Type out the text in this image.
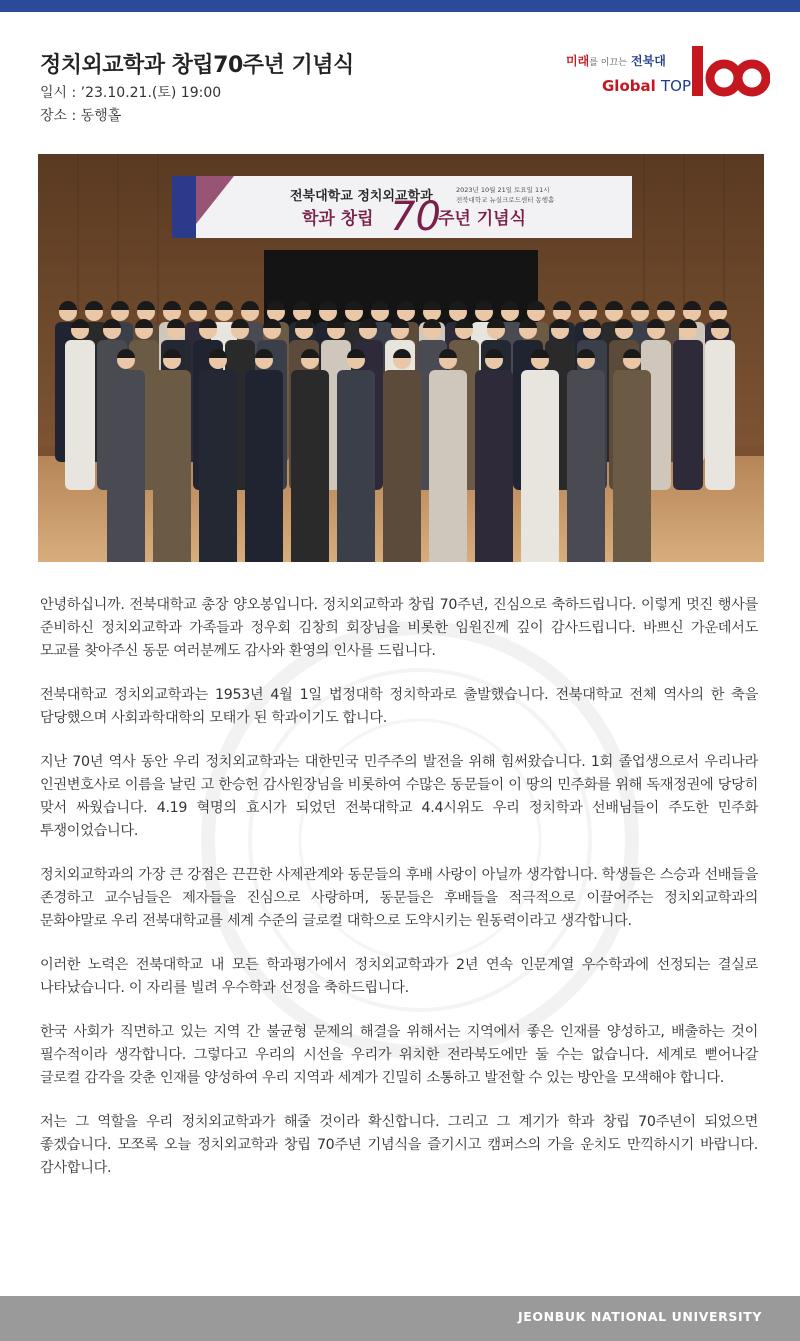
정치외교학과 창립70주년 기념식
일시 : ’23.10.21.(토) 19:00
장소 : 동행홀
미래를 이끄는 전북대
Global TOP
전북대학교 정치외교학과
학과 창립 70
주년 기념식
2023년 10월 21일 토요일 11시
전북대학교 뉴실크로드센터 동행홀

안녕하십니까. 전북대학교 총장 양오봉입니다. 정치외교학과 창립 70주년, 진심으로 축하드립니다. 이렇게 멋진 행사를 준비하신 정치외교학과 가족들과 정우회 김창희 회장님을 비롯한 임원진께 깊이 감사드립니다. 바쁘신 가운데서도 모교를 찾아주신 동문 여러분께도 감사와 환영의 인사를 드립니다.

전북대학교 정치외교학과는 1953년 4월 1일 법정대학 정치학과로 출발했습니다. 전북대학교 전체 역사의 한 축을 담당했으며 사회과학대학의 모태가 된 학과이기도 합니다.

지난 70년 역사 동안 우리 정치외교학과는 대한민국 민주주의 발전을 위해 힘써왔습니다. 1회 졸업생으로서 우리나라 인권변호사로 이름을 날린 고 한승헌 감사원장님을 비롯하여 수많은 동문들이 이 땅의 민주화를 위해 독재정권에 당당히 맞서 싸웠습니다. 4.19 혁명의 효시가 되었던 전북대학교 4.4시위도 우리 정치학과 선배님들이 주도한 민주화 투쟁이었습니다.

정치외교학과의 가장 큰 강점은 끈끈한 사제관계와 동문들의 후배 사랑이 아닐까 생각합니다. 학생들은 스승과 선배들을 존경하고 교수님들은 제자들을 진심으로 사랑하며, 동문들은 후배들을 적극적으로 이끌어주는 정치외교학과의 문화야말로 우리 전북대학교를 세계 수준의 글로컬 대학으로 도약시키는 원동력이라고 생각합니다.

이러한 노력은 전북대학교 내 모든 학과평가에서 정치외교학과가 2년 연속 인문계열 우수학과에 선정되는 결실로 나타났습니다. 이 자리를 빌려 우수학과 선정을 축하드립니다.

한국 사회가 직면하고 있는 지역 간 불균형 문제의 해결을 위해서는 지역에서 좋은 인재를 양성하고, 배출하는 것이 필수적이라 생각합니다. 그렇다고 우리의 시선을 우리가 위치한 전라북도에만 둘 수는 없습니다. 세계로 뻗어나갈 글로컬 감각을 갖춘 인재를 양성하여 우리 지역과 세계가 긴밀히 소통하고 발전할 수 있는 방안을 모색해야 합니다.

저는 그 역할을 우리 정치외교학과가 해줄 것이라 확신합니다. 그리고 그 계기가 학과 창립 70주년이 되었으면 좋겠습니다. 모쪼록 오늘 정치외교학과 창립 70주년 기념식을 즐기시고 캠퍼스의 가을 운치도 만끽하시기 바랍니다. 감사합니다.

JEONBUK NATIONAL UNIVERSITY
